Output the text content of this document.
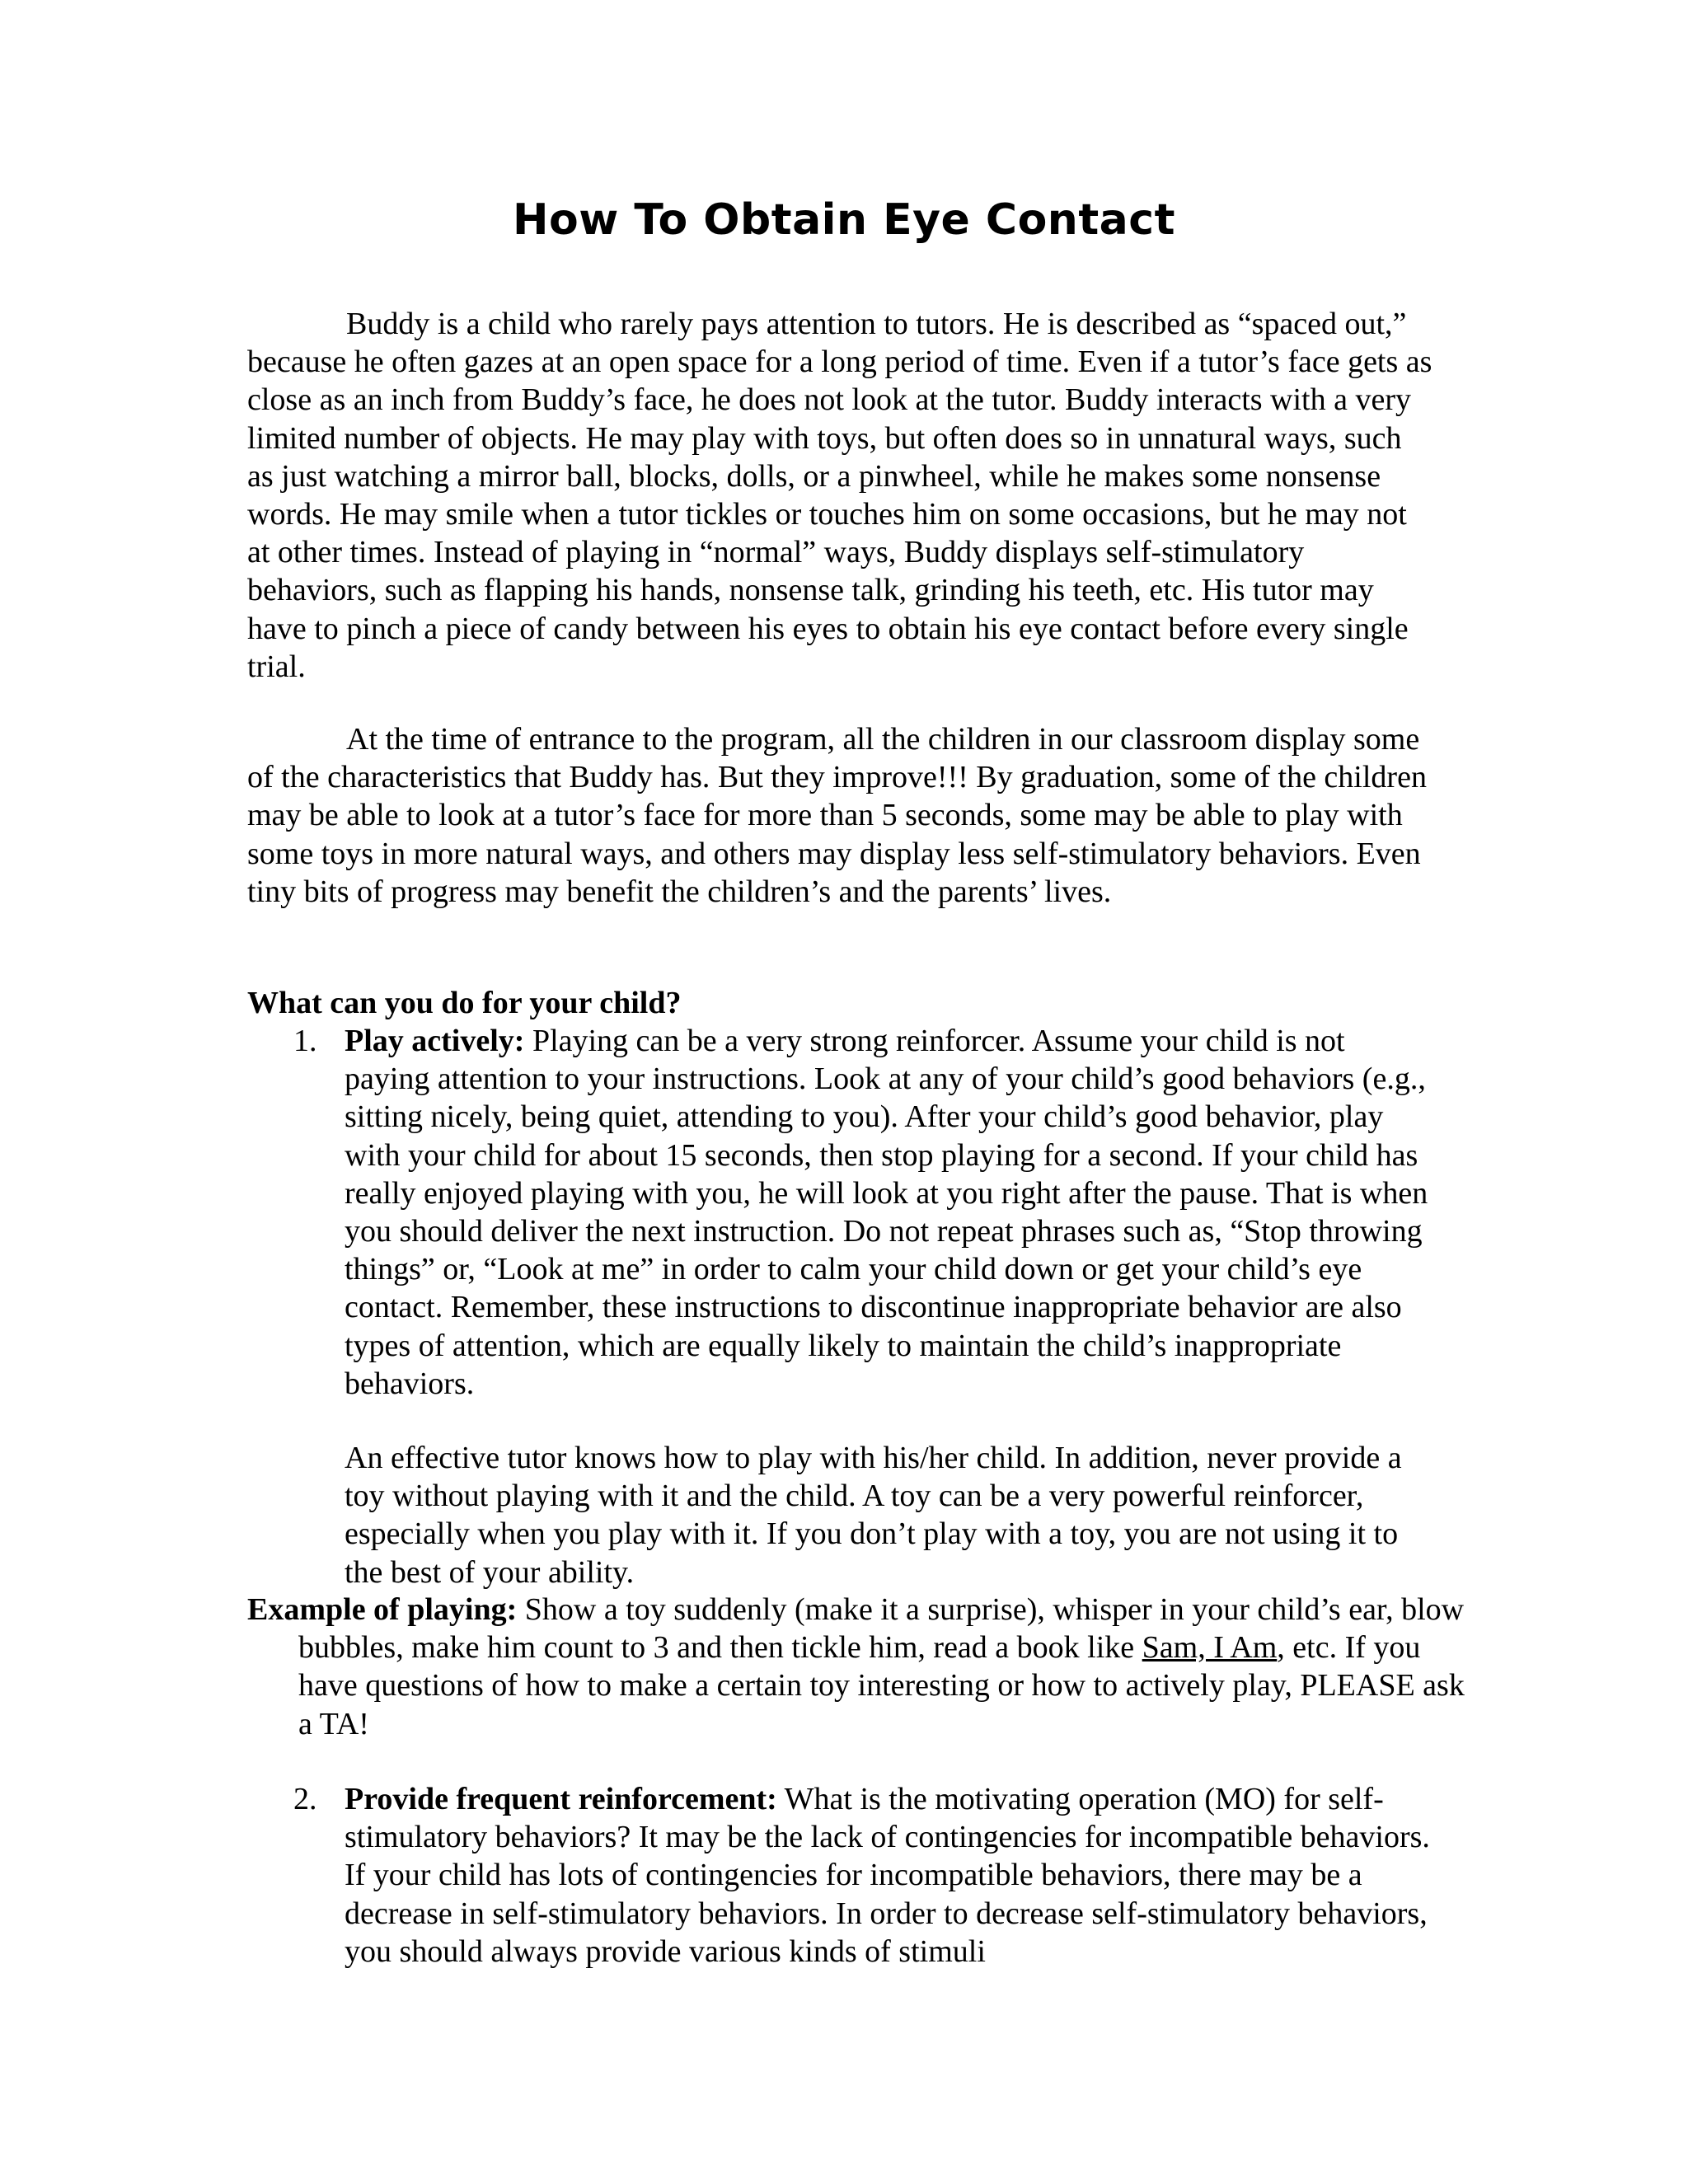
How To Obtain Eye Contact

Buddy is a child who rarely pays attention to tutors. He is described as “spaced out,” because he often gazes at an open space for a long period of time. Even if a tutor’s face gets as close as an inch from Buddy’s face, he does not look at the tutor. Buddy interacts with a very limited number of objects. He may play with toys, but often does so in unnatural ways, such as just watching a mirror ball, blocks, dolls, or a pinwheel, while he makes some nonsense words. He may smile when a tutor tickles or touches him on some occasions, but he may not at other times. Instead of playing in “normal” ways, Buddy displays self-stimulatory behaviors, such as flapping his hands, nonsense talk, grinding his teeth, etc. His tutor may have to pinch a piece of candy between his eyes to obtain his eye contact before every single trial.

At the time of entrance to the program, all the children in our classroom display some of the characteristics that Buddy has. But they improve!!! By graduation, some of the children may be able to look at a tutor’s face for more than 5 seconds, some may be able to play with some toys in more natural ways, and others may display less self-stimulatory behaviors. Even tiny bits of progress may benefit the children’s and the parents’ lives.

What can you do for your child?

1. Play actively: Playing can be a very strong reinforcer. Assume your child is not paying attention to your instructions. Look at any of your child’s good behaviors (e.g., sitting nicely, being quiet, attending to you). After your child’s good behavior, play with your child for about 15 seconds, then stop playing for a second. If your child has really enjoyed playing with you, he will look at you right after the pause. That is when you should deliver the next instruction. Do not repeat phrases such as, “Stop throwing things” or, “Look at me” in order to calm your child down or get your child’s eye contact. Remember, these instructions to discontinue inappropriate behavior are also types of attention, which are equally likely to maintain the child’s inappropriate behaviors.

An effective tutor knows how to play with his/her child. In addition, never provide a toy without playing with it and the child. A toy can be a very powerful reinforcer, especially when you play with it. If you don’t play with a toy, you are not using it to the best of your ability.

Example of playing: Show a toy suddenly (make it a surprise), whisper in your child’s ear, blow bubbles, make him count to 3 and then tickle him, read a book like Sam, I Am, etc. If you have questions of how to make a certain toy interesting or how to actively play, PLEASE ask a TA!

2. Provide frequent reinforcement: What is the motivating operation (MO) for self-stimulatory behaviors? It may be the lack of contingencies for incompatible behaviors. If your child has lots of contingencies for incompatible behaviors, there may be a decrease in self-stimulatory behaviors. In order to decrease self-stimulatory behaviors, you should always provide various kinds of stimuli
